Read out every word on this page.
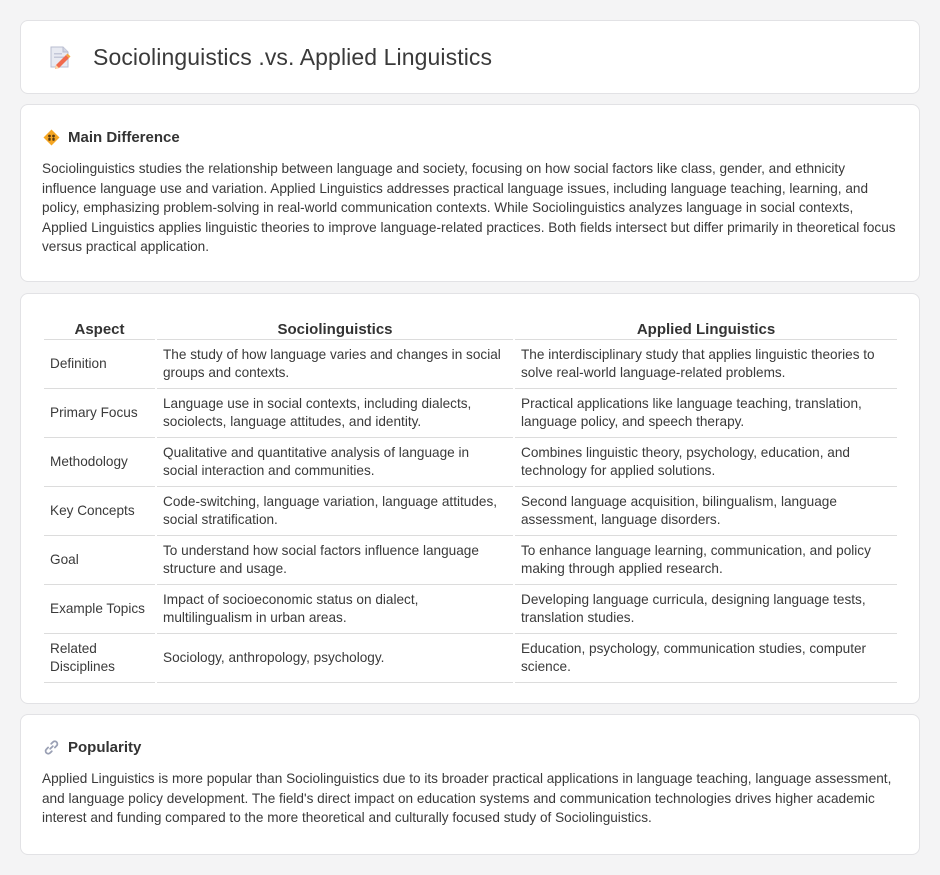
Sociolinguistics .vs. Applied Linguistics
Main Difference

Sociolinguistics studies the relationship between language and society, focusing on how social factors like class, gender, and ethnicity influence language use and variation. Applied Linguistics addresses practical language issues, including language teaching, learning, and policy, emphasizing problem-solving in real-world communication contexts. While Sociolinguistics analyzes language in social contexts, Applied Linguistics applies linguistic theories to improve language-related practices. Both fields intersect but differ primarily in theoretical focus versus practical application.

Aspect	Sociolinguistics	Applied Linguistics
Definition	The study of how language varies and changes in social groups and contexts.	The interdisciplinary study that applies linguistic theories to solve real-world language-related problems.
Primary Focus	Language use in social contexts, including dialects, sociolects, language attitudes, and identity.	Practical applications like language teaching, translation, language policy, and speech therapy.
Methodology	Qualitative and quantitative analysis of language in social interaction and communities.	Combines linguistic theory, psychology, education, and technology for applied solutions.
Key Concepts	Code-switching, language variation, language attitudes, social stratification.	Second language acquisition, bilingualism, language assessment, language disorders.
Goal	To understand how social factors influence language structure and usage.	To enhance language learning, communication, and policy making through applied research.
Example Topics	Impact of socioeconomic status on dialect, multilingualism in urban areas.	Developing language curricula, designing language tests, translation studies.
Related Disciplines	Sociology, anthropology, psychology.	Education, psychology, communication studies, computer science.
Popularity

Applied Linguistics is more popular than Sociolinguistics due to its broader practical applications in language teaching, language assessment, and language policy development. The field's direct impact on education systems and communication technologies drives higher academic interest and funding compared to the more theoretical and culturally focused study of Sociolinguistics.
